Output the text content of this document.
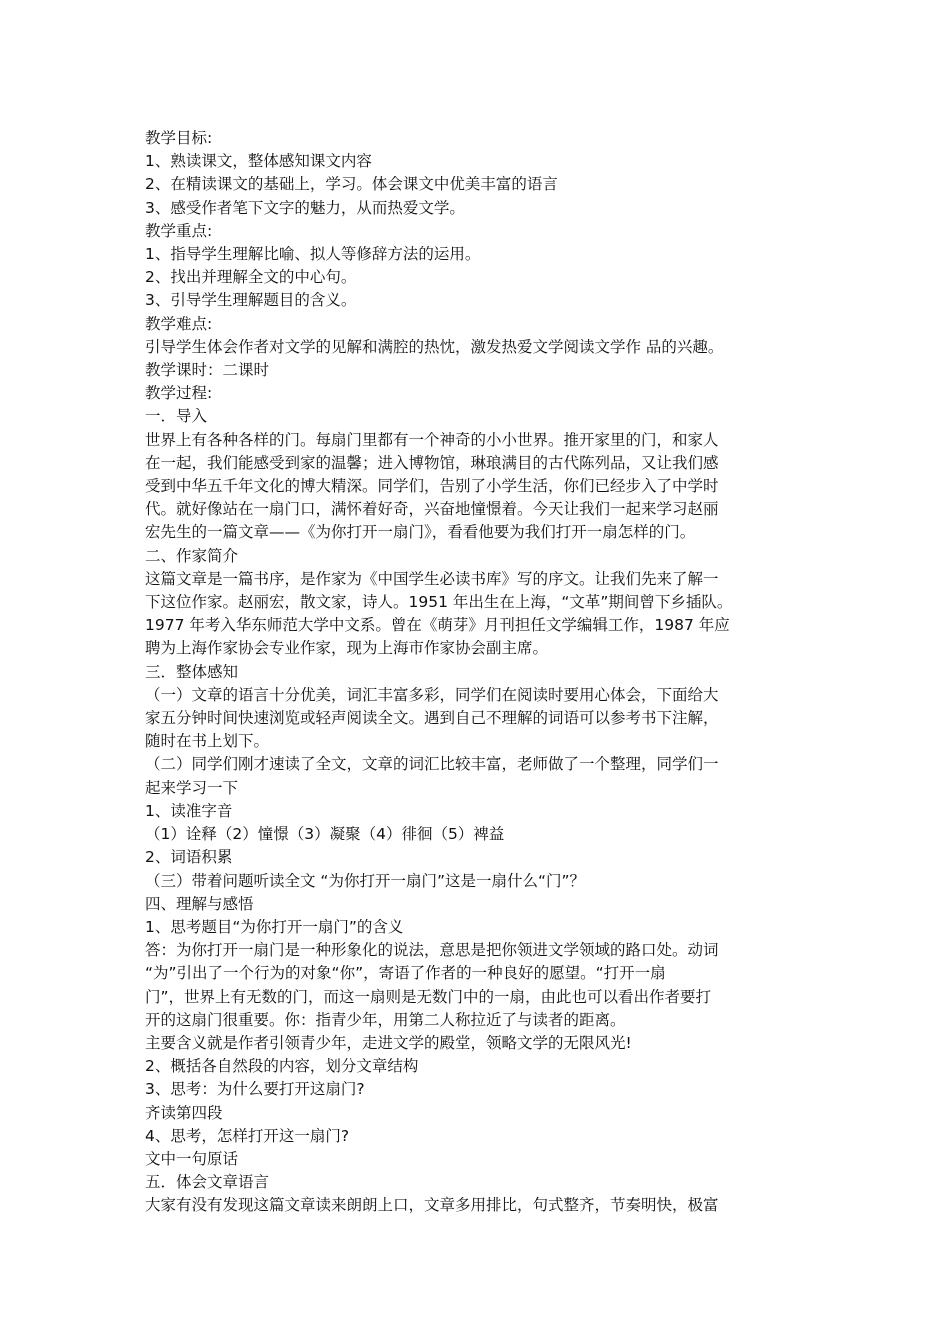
教学目标:

1、熟读课文，整体感知课文内容

2、在精读课文的基础上，学习。体会课文中优美丰富的语言

3、感受作者笔下文字的魅力，从而热爱文学。

教学重点:

1、指导学生理解比喻、拟人等修辞方法的运用。

2、找出并理解全文的中心句。

3、引导学生理解题目的含义。

教学难点:

引导学生体会作者对文学的见解和满腔的热忱，激发热爱文学阅读文学作 品的兴趣。

教学课时：二课时

教学过程:

一．导入

世界上有各种各样的门。每扇门里都有一个神奇的小小世界。推开家里的门，和家人

在一起，我们能感受到家的温馨；进入博物馆，琳琅满目的古代陈列品，又让我们感

受到中华五千年文化的博大精深。同学们，告别了小学生活，你们已经步入了中学时

代。就好像站在一扇门口，满怀着好奇，兴奋地憧憬着。今天让我们一起来学习赵丽

宏先生的一篇文章——《为你打开一扇门》，看看他要为我们打开一扇怎样的门。

二、作家简介

这篇文章是一篇书序，是作家为《中国学生必读书库》写的序文。让我们先来了解一

下这位作家。赵丽宏，散文家，诗人。1951 年出生在上海，“文革”期间曾下乡插队。

1977 年考入华东师范大学中文系。曾在《萌芽》月刊担任文学编辑工作，1987 年应

聘为上海作家协会专业作家，现为上海市作家协会副主席。

三．整体感知

（一）文章的语言十分优美，词汇丰富多彩，同学们在阅读时要用心体会，下面给大

家五分钟时间快速浏览或轻声阅读全文。遇到自己不理解的词语可以参考书下注解，

随时在书上划下。

（二）同学们刚才速读了全文，文章的词汇比较丰富，老师做了一个整理，同学们一

起来学习一下

1、读准字音

（1）诠释（2）憧憬（3）凝聚（4）徘徊（5）裨益

2、词语积累

（三）带着问题听读全文 “为你打开一扇门”这是一扇什么“门”？

四、理解与感悟

1、思考题目“为你打开一扇门”的含义

答：为你打开一扇门是一种形象化的说法，意思是把你领进文学领域的路口处。动词

“为”引出了一个行为的对象“你”，寄语了作者的一种良好的愿望。“打开一扇

门”，世界上有无数的门，而这一扇则是无数门中的一扇，由此也可以看出作者要打

开的这扇门很重要。你：指青少年，用第二人称拉近了与读者的距离。

主要含义就是作者引领青少年，走进文学的殿堂，领略文学的无限风光!

2、概括各自然段的内容，划分文章结构

3、思考：为什么要打开这扇门?

齐读第四段

4、思考，怎样打开这一扇门?

文中一句原话

五．体会文章语言

大家有没有发现这篇文章读来朗朗上口，文章多用排比，句式整齐，节奏明快，极富
